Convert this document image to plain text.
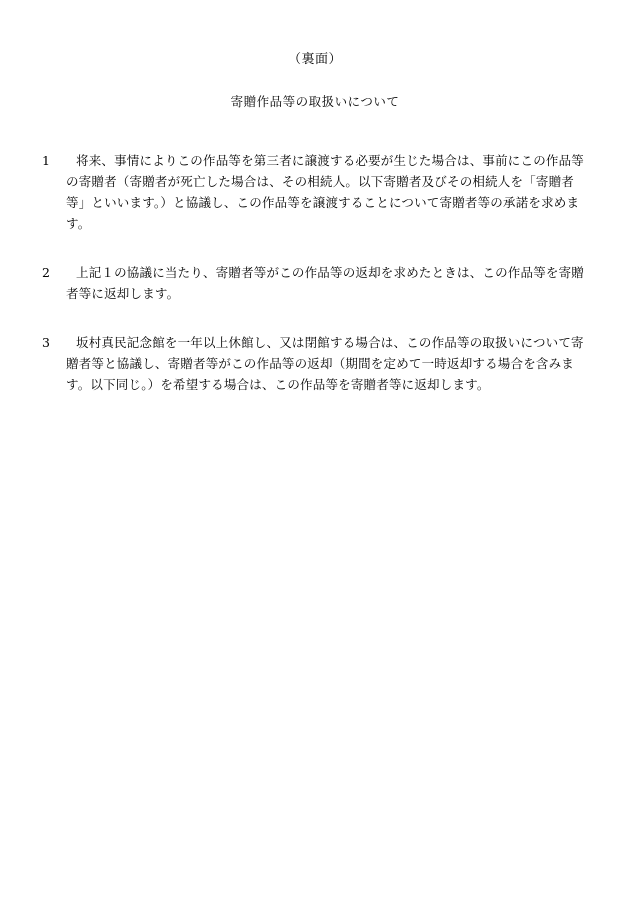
（裏面）
寄贈作品等の取扱いについて
1	将来、事情によりこの作品等を第三者に譲渡する必要が生じた場合は、事前にこの作品等の寄贈者（寄贈者が死亡した場合は、その相続人。以下寄贈者及びその相続人を「寄贈者等」といいます。）と協議し、この作品等を譲渡することについて寄贈者等の承諾を求めます。
2	上記１の協議に当たり、寄贈者等がこの作品等の返却を求めたときは、この作品等を寄贈者等に返却します。
3	坂村真民記念館を一年以上休館し、又は閉館する場合は、この作品等の取扱いについて寄贈者等と協議し、寄贈者等がこの作品等の返却（期間を定めて一時返却する場合を含みます。以下同じ。）を希望する場合は、この作品等を寄贈者等に返却します。
